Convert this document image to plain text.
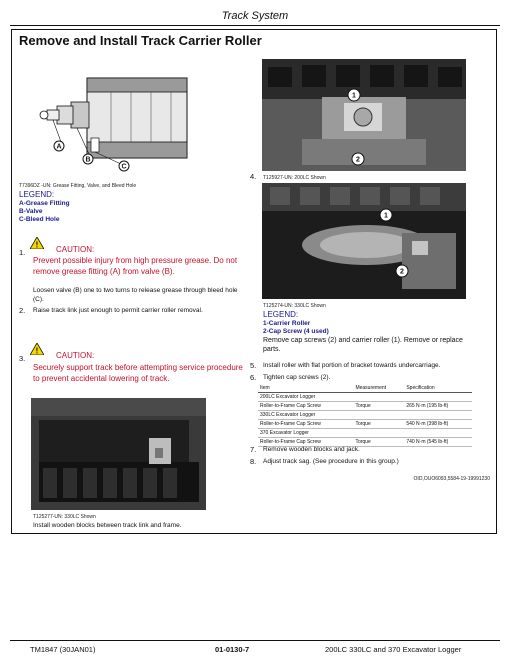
Track System
Remove and Install Track Carrier Roller
A
B
C
T7396DZ -UN: Grease Fitting, Valve, and Bleed Hole
LEGEND:
A-Grease Fitting
B-Valve
C-Bleed Hole
1.
! CAUTION:
Prevent possible injury from high pressure grease. Do not remove grease fitting (A) from valve (B).
Loosen valve (B) one to two turns to release grease through bleed hole (C).
2. Raise track link just enough to permit carrier roller removal.
3.
! CAUTION:
Securely support track before attempting service procedure to prevent accidental lowering of track.
T125277-UN: 330LC Shown
Install wooden blocks between track link and frame.
4.
1
2
T125927-UN: 200LC Shown
1
2
T125274-UN: 330LC Shown
LEGEND:
1-Carrier Roller
2-Cap Screw (4 used)
Remove cap screws (2) and carrier roller (1). Remove or replace parts.
5. Install roller with flat portion of bracket towards undercarriage.
6. Tighten cap screws (2).
Item	Measurement	Specification
200LC Excavator Logger		
Roller-to-Frame Cap Screw	Torque	265 N·m (195 lb-ft)
330LC Excavator Logger		
Roller-to-Frame Cap Screw	Torque	540 N·m (398 lb-ft)
370 Excavator Logger		
Roller-to-Frame Cap Screw	Torque	740 N·m (545 lb-ft)
7. Remove wooden blocks and jack.
8. Adjust track sag. (See procedure in this group.)
OID,OUO6093,5584-19-19991230
TM1847 (30JAN01)	01-0130-7	200LC 330LC and 370 Excavator Logger
